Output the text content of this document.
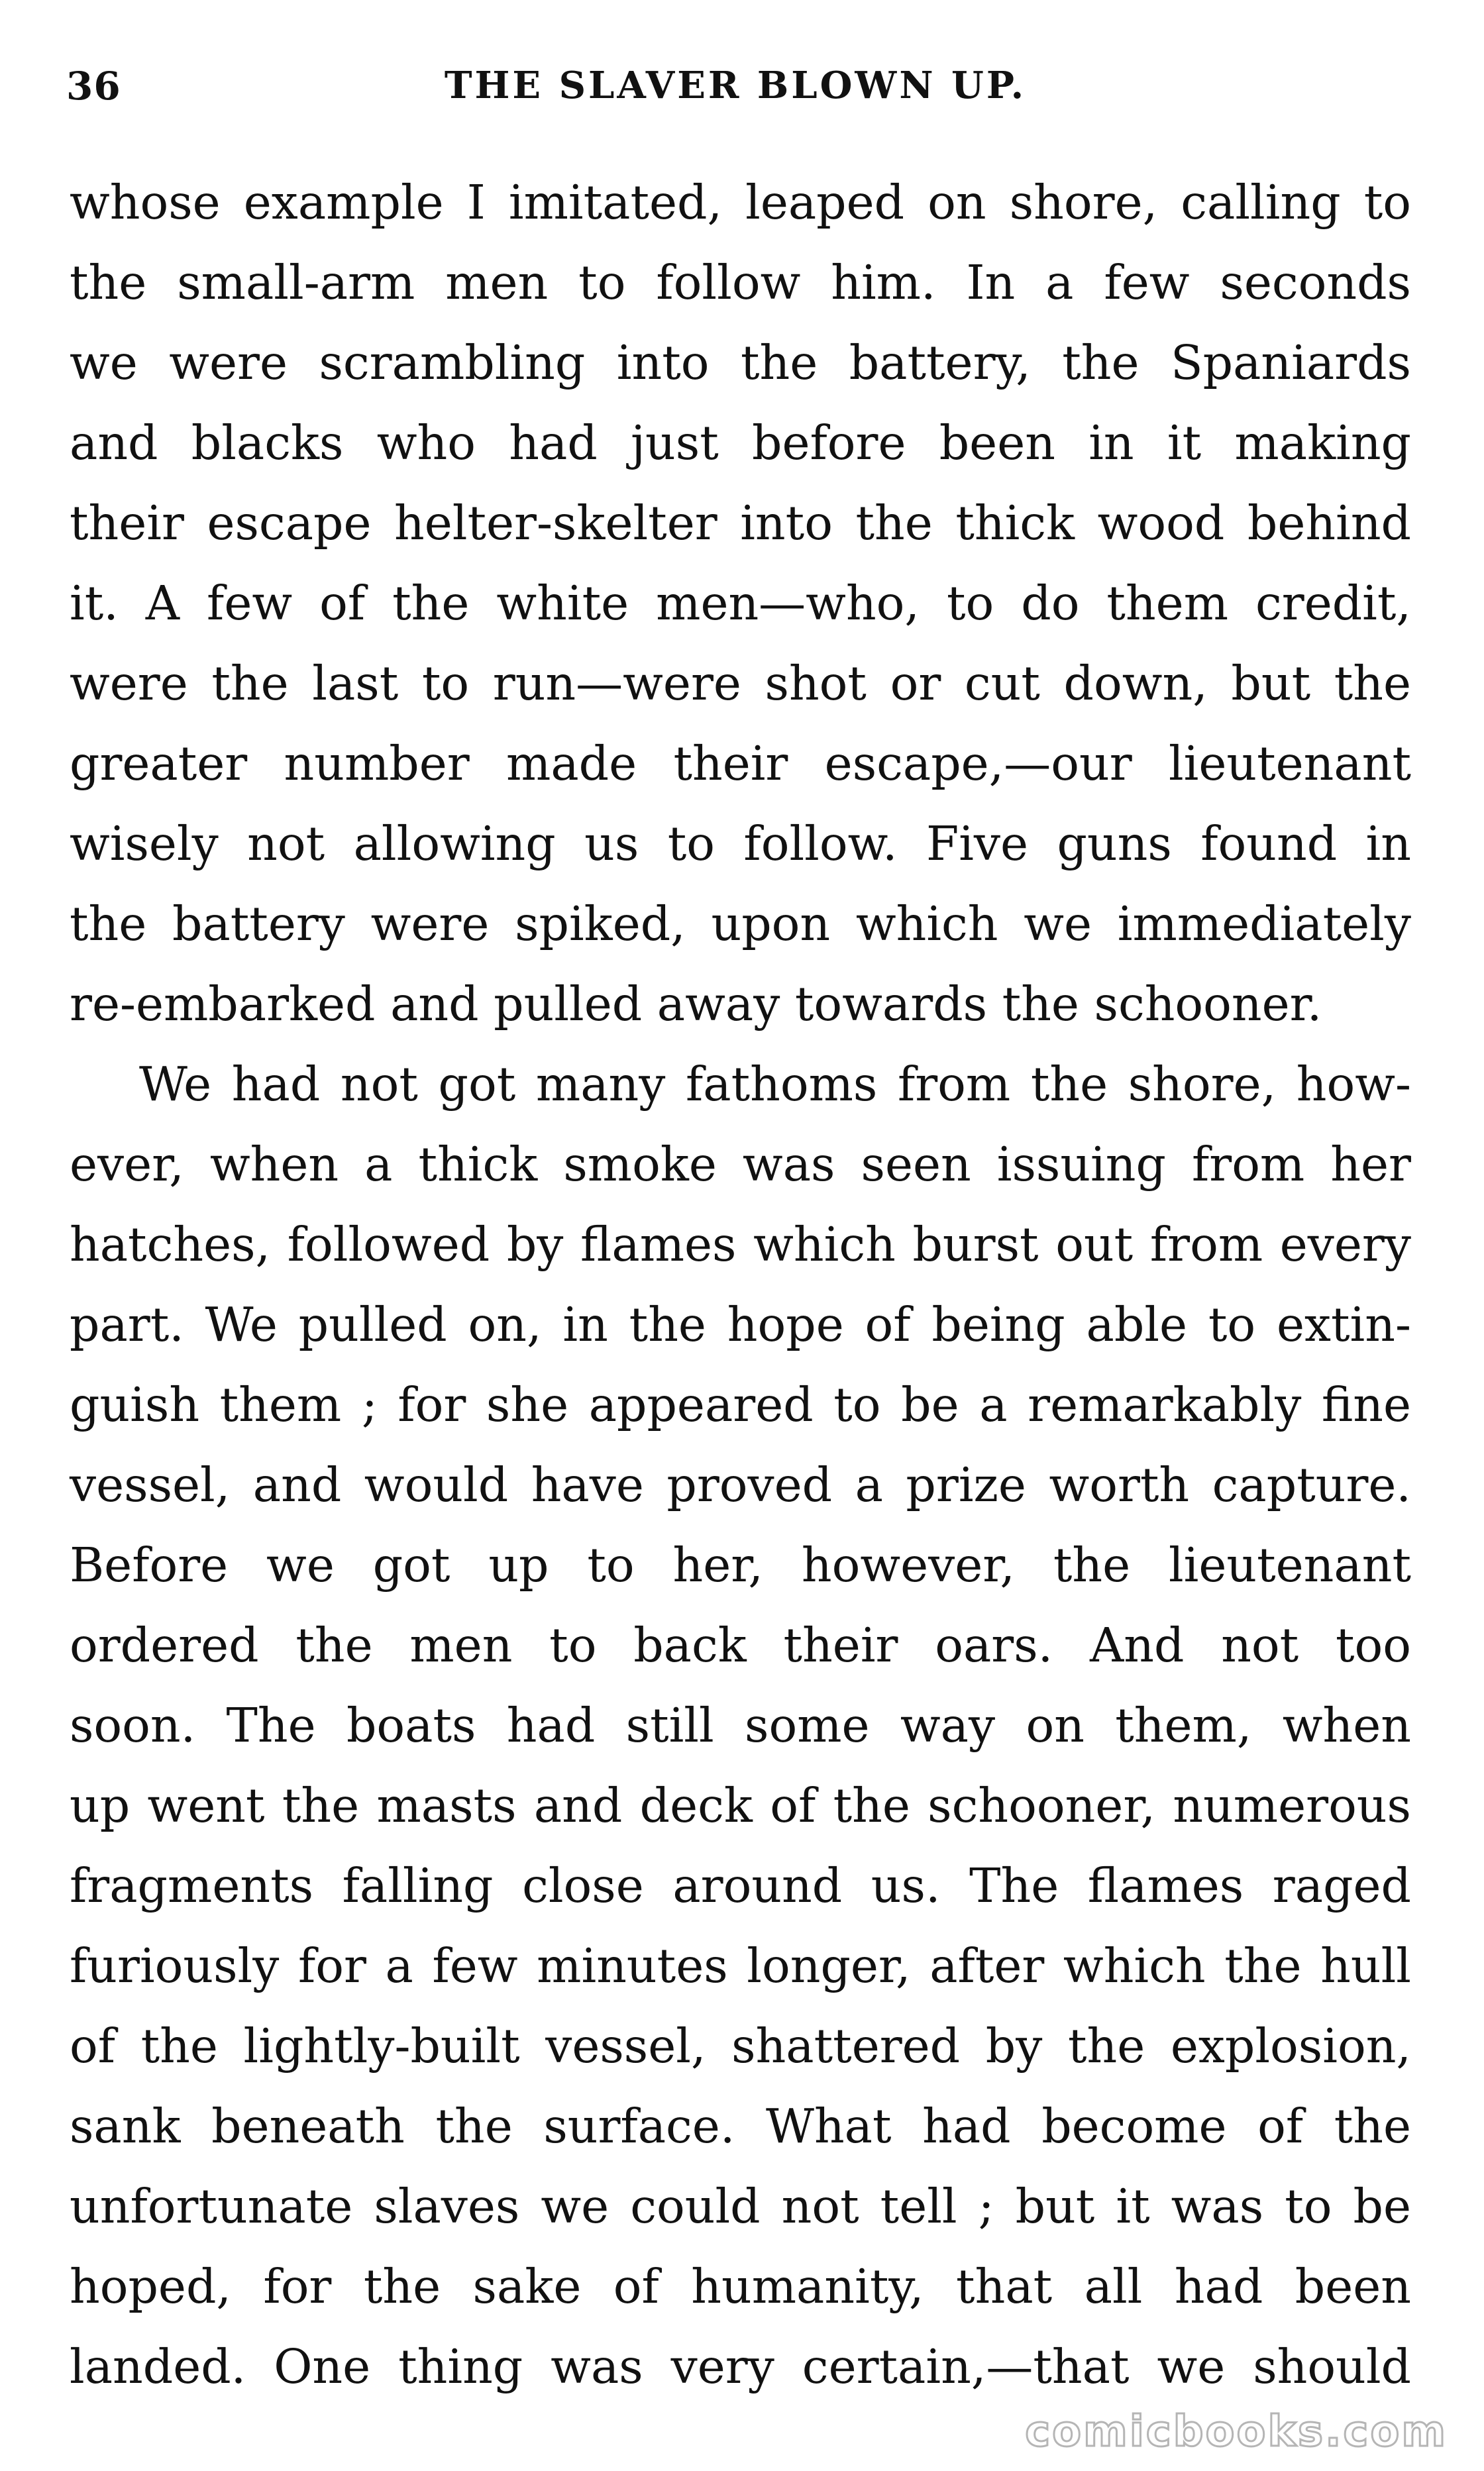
36	THE SLAVER BLOWN UP.
whose example I imitated, leaped on shore, calling to
the small-arm men to follow him. In a few seconds
we were scrambling into the battery, the Spaniards
and blacks who had just before been in it making
their escape helter-skelter into the thick wood behind
it. A few of the white men—who, to do them credit,
were the last to run—were shot or cut down, but the
greater number made their escape,—our lieutenant
wisely not allowing us to follow. Five guns found in
the battery were spiked, upon which we immediately
re-embarked and pulled away towards the schooner.
We had not got many fathoms from the shore, how-
ever, when a thick smoke was seen issuing from her
hatches, followed by flames which burst out from every
part. We pulled on, in the hope of being able to extin-
guish them ; for she appeared to be a remarkably fine
vessel, and would have proved a prize worth capture.
Before we got up to her, however, the lieutenant
ordered the men to back their oars. And not too
soon. The boats had still some way on them, when
up went the masts and deck of the schooner, numerous
fragments falling close around us. The flames raged
furiously for a few minutes longer, after which the hull
of the lightly-built vessel, shattered by the explosion,
sank beneath the surface. What had become of the
unfortunate slaves we could not tell ; but it was to be
hoped, for the sake of humanity, that all had been
landed. One thing was very certain,—that we should
comicbooks.com
